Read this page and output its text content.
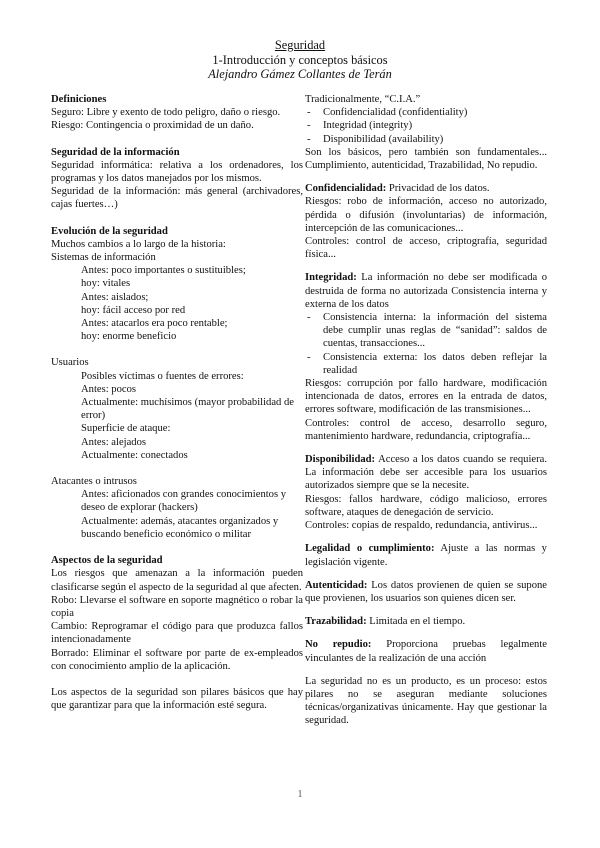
Seguridad
1-Introducción y conceptos básicos
Alejandro Gámez Collantes de Terán

Definiciones

Seguro: Libre y exento de todo peligro, daño o riesgo.

Riesgo: Contingencia o proximidad de un daño.

Seguridad de la información

Seguridad informática: relativa a los ordenadores, los programas y los datos manejados por los mismos.

Seguridad de la información: más general (archivadores, cajas fuertes…)

Evolución de la seguridad

Muchos cambios a lo largo de la historia:

Sistemas de información

Antes: poco importantes o sustituibles;

hoy: vitales

Antes: aislados;

hoy: fácil acceso por red

Antes: atacarlos era poco rentable;

hoy: enorme beneficio

Usuarios

Posibles víctimas o fuentes de errores:

Antes: pocos

Actualmente: muchísimos (mayor probabilidad de error)

Superficie de ataque:

Antes: alejados

Actualmente: conectados

Atacantes o intrusos

Antes: aficionados con grandes conocimientos y deseo de explorar (hackers)

Actualmente: además, atacantes organizados y buscando beneficio económico o militar

Aspectos de la seguridad

Los riesgos que amenazan a la información pueden clasificarse según el aspecto de la seguridad al que afecten.

Robo: Llevarse el software en soporte magnético o robar la copia

Cambio: Reprogramar el código para que produzca fallos intencionadamente

Borrado: Eliminar el software por parte de ex-empleados con conocimiento amplio de la aplicación.

Los aspectos de la seguridad son pilares básicos que hay que garantizar para que la información esté segura.

Tradicionalmente, “C.I.A.”

- Confidencialidad (confidentiality)

- Integridad (integrity)

- Disponibilidad (availability)

Son los básicos, pero también son fundamentales... Cumplimiento, autenticidad, Trazabilidad, No repudio.

Confidencialidad: Privacidad de los datos.

Riesgos: robo de información, acceso no autorizado, pérdida o difusión (involuntarias) de información, intercepción de las comunicaciones...

Controles: control de acceso, criptografía, seguridad física...

Integridad: La información no debe ser modificada o destruida de forma no autorizada Consistencia interna y externa de los datos

- Consistencia interna: la información del sistema debe cumplir unas reglas de “sanidad”: saldos de cuentas, transacciones...

- Consistencia externa: los datos deben reflejar la realidad

Riesgos: corrupción por fallo hardware, modificación intencionada de datos, errores en la entrada de datos, errores software, modificación de las transmisiones...

Controles: control de acceso, desarrollo seguro, mantenimiento hardware, redundancia, criptografía...

Disponibilidad: Acceso a los datos cuando se requiera. La información debe ser accesible para los usuarios autorizados siempre que se la necesite.

Riesgos: fallos hardware, código malicioso, errores software, ataques de denegación de servicio.

Controles: copias de respaldo, redundancia, antivirus...

Legalidad o cumplimiento: Ajuste a las normas y legislación vigente.

Autenticidad: Los datos provienen de quien se supone que provienen, los usuarios son quienes dicen ser.

Trazabilidad: Limitada en el tiempo.

No repudio: Proporciona pruebas legalmente vinculantes de la realización de una acción

La seguridad no es un producto, es un proceso: estos pilares no se aseguran mediante soluciones técnicas/organizativas únicamente. Hay que gestionar la seguridad.

1
